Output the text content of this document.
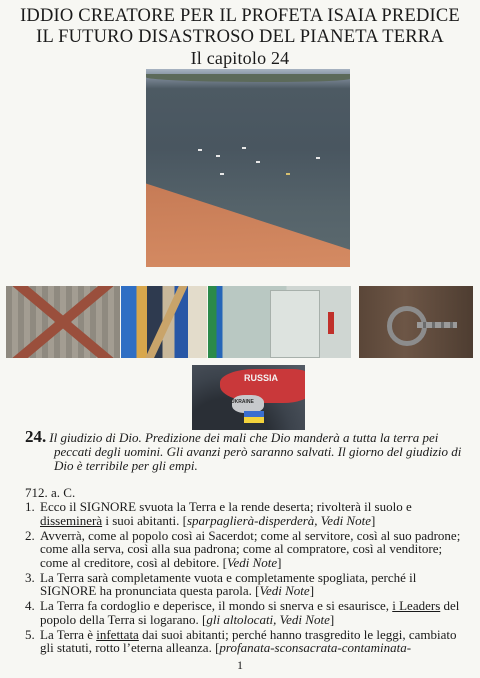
IDDIO CREATORE PER IL PROFETA ISAIA PREDICE
IL FUTURO DISASTROSO DEL PIANETA TERRA
Il capitolo 24
RUSSIA
UKRAINE
24. Il giudizio di Dio. Predizione dei mali che Dio manderà a tutta la terra pei
peccati degli uomini. Gli avanzi però saranno salvati. Il giorno del giudizio di Dio è terribile per gli empi.
712. a. C.
1. Ecco il SIGNORE svuota la Terra e la rende deserta; rivolterà il suolo e disseminerà i suoi abitanti. [sparpaglierà-disperderà, Vedi Note]
2. Avverrà, come al popolo così ai Sacerdot; come al servitore, così al suo padrone; come alla serva, così alla sua padrona; come al compratore, così al venditore; come al creditore, così al debitore. [Vedi Note]
3. La Terra sarà completamente vuota e completamente spogliata, perché il SIGNORE ha pronunciata questa parola. [Vedi Note]
4. La Terra fa cordoglio e deperisce, il mondo si snerva e si esaurisce, i Leaders del popolo della Terra si logarano. [gli altolocati, Vedi Note]
5. La Terra è infettata dai suoi abitanti; perché hanno trasgredito le leggi, cambiato gli statuti, rotto l’eterna alleanza. [profanata-sconsacrata-contaminata-
1
